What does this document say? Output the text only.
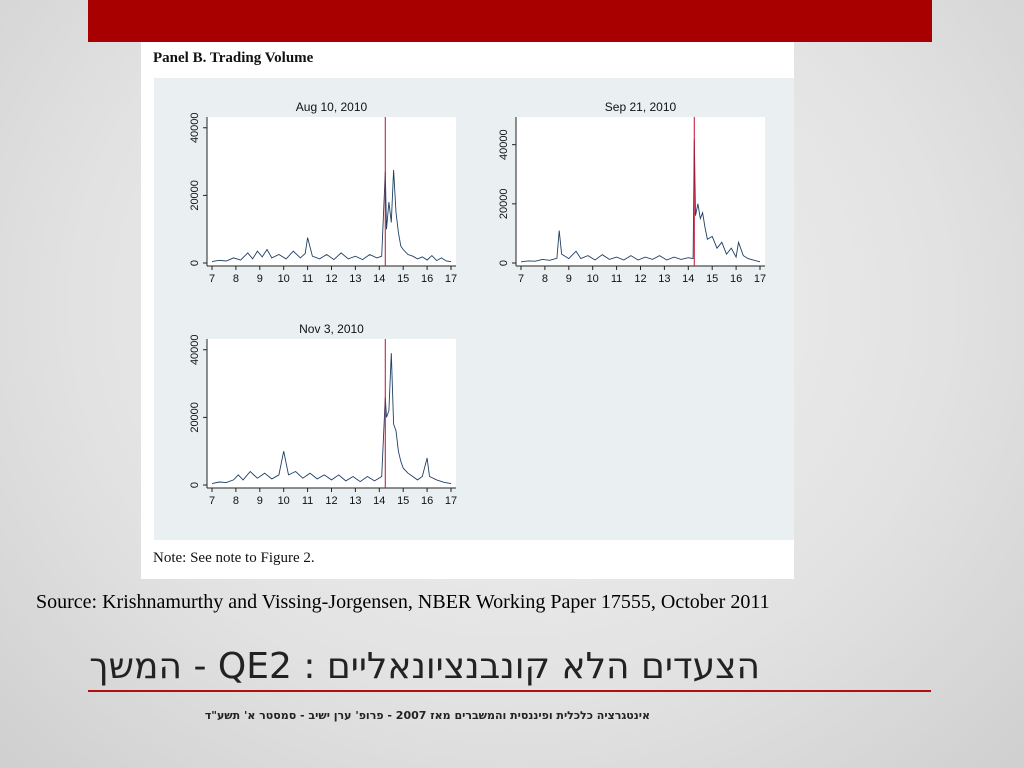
Panel B. Trading Volume
Aug 10, 2010
7 8 9 10 11 12 13 14 15 16 17
0
20000
40000
Sep 21, 2010
7 8 9 10 11 12 13 14 15 16 17
0
20000
40000
Nov 3, 2010
7 8 9 10 11 12 13 14 15 16 17
0
20000
40000
Note: See note to Figure 2.
Source: Krishnamurthy and Vissing-Jorgensen, NBER Working Paper 17555, October 2011
הצעדים הלא קונבנציונאליים : QE2 - המשך
אינטגרציה כלכלית ופיננסית והמשברים מאז 2007 - פרופ' ערן ישיב - סמסטר א' תשע"ד
